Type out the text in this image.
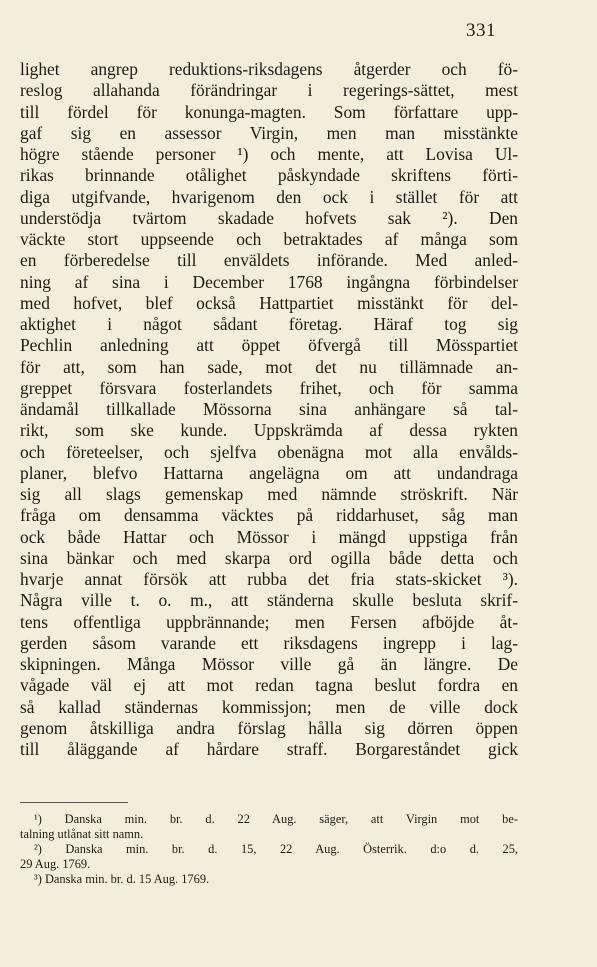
331
lighet angrep reduktions-riksdagens åtgerder och fö-
reslog allahanda förändringar i regerings-sättet, mest
till fördel för konunga-magten. Som författare upp-
gaf sig en assessor Virgin, men man misstänkte
högre stående personer ¹) och mente, att Lovisa Ul-
rikas brinnande otålighet påskyndade skriftens förti-
diga utgifvande, hvarigenom den ock i stället för att
understödja tvärtom skadade hofvets sak ²). Den
väckte stort uppseende och betraktades af många som
en förberedelse till enväldets införande. Med anled-
ning af sina i December 1768 ingångna förbindelser
med hofvet, blef också Hattpartiet misstänkt för del-
aktighet i något sådant företag. Häraf tog sig
Pechlin anledning att öppet öfvergå till Mösspartiet
för att, som han sade, mot det nu tillämnade an-
greppet försvara fosterlandets frihet, och för samma
ändamål tillkallade Mössorna sina anhängare så tal-
rikt, som ske kunde. Uppskrämda af dessa rykten
och företeelser, och sjelfva obenägna mot alla envålds-
planer, blefvo Hattarna angelägna om att undandraga
sig all slags gemenskap med nämnde ströskrift. När
fråga om densamma väcktes på riddarhuset, såg man
ock både Hattar och Mössor i mängd uppstiga från
sina bänkar och med skarpa ord ogilla både detta och
hvarje annat försök att rubba det fria stats-skicket ³).
Några ville t. o. m., att ständerna skulle besluta skrif-
tens offentliga uppbrännande; men Fersen afböjde åt-
gerden såsom varande ett riksdagens ingrepp i lag-
skipningen. Många Mössor ville gå än längre. De
vågade väl ej att mot redan tagna beslut fordra en
så kallad ständernas kommissjon; men de ville dock
genom åtskilliga andra förslag hålla sig dörren öppen
till åläggande af hårdare straff. Borgareståndet gick
¹) Danska min. br. d. 22 Aug. säger, att Virgin mot be-
talning utlånat sitt namn.
²) Danska min. br. d. 15, 22 Aug. Österrik. d:o d. 25,
29 Aug. 1769.
³) Danska min. br. d. 15 Aug. 1769.
